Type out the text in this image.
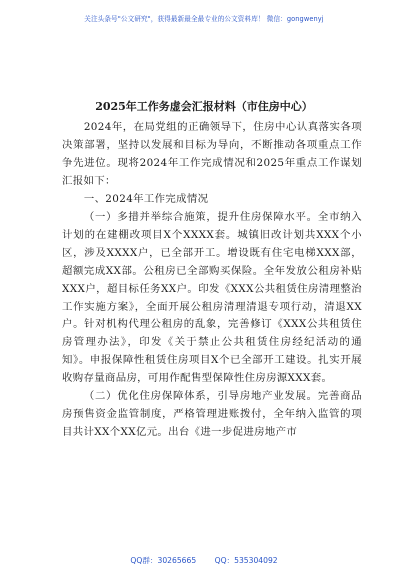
关注头条号"公文研究"，获得最新最全最专业的公文资料库！ 微信：gongwenyj
2025年工作务虚会汇报材料（市住房中心）

2024年，在局党组的正确领导下，住房中心认真落实各项决策部署，坚持以发展和目标为导向，不断推动各项重点工作争先进位。现将2024年工作完成情况和2025年重点工作谋划汇报如下：

一、2024年工作完成情况

（一）多措并举综合施策，提升住房保障水平。全市纳入计划的在建棚改项目X个XXXX套。城镇旧改计划共XXX个小区，涉及XXXX户，已全部开工。增设既有住宅电梯XXX部，超额完成XX部。公租房已全部购买保险。全年发放公租房补贴XXX户，超目标任务XX户。印发《XXX公共租赁住房清理整治工作实施方案》，全面开展公租房清理清退专项行动，清退XX户。针对机构代理公租房的乱象，完善修订《XXX公共租赁住房管理办法》，印发《关于禁止公共租赁住房经纪活动的通知》。申报保障性租赁住房项目X个已全部开工建设。扎实开展收购存量商品房，可用作配售型保障性住房房源XXX套。

（二）优化住房保障体系，引导房地产业发展。完善商品房预售资金监管制度，严格管理进账拨付，全年纳入监管的项目共计XX个XX亿元。出台《进一步促进房地产市

QQ群：30265665 QQ：535304092
